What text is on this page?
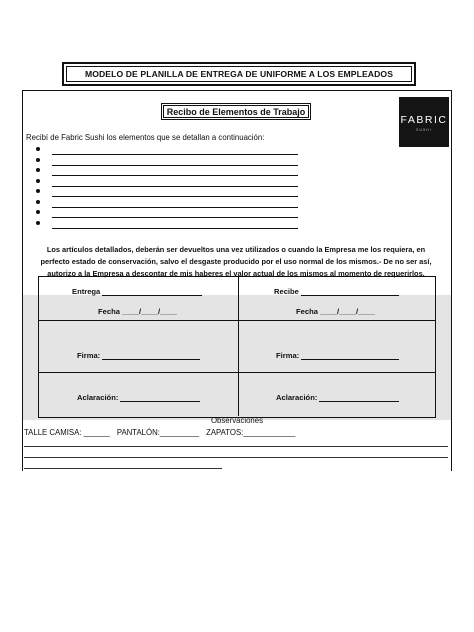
MODELO DE PLANILLA DE ENTREGA DE UNIFORME A LOS EMPLEADOS
Recibo de Elementos de Trabajo
FABRIC
SUSHI
Recibí de Fabric Sushi los elementos que se detallan a continuación:
Los artículos detallados, deberán ser devueltos una vez utilizados o cuando la Empresa me los requiera, en
perfecto estado de conservación, salvo el desgaste producido por el uso normal de los mismos.- De no ser así,
autorizo a la Empresa a descontar de mis haberes el valor actual de los mismos al momento de requerirlos.
Entrega
Fecha ____/____/____
Firma:
Aclaración:
Recibe
Fecha ____/____/____
Firma:
Aclaración:
Observaciones
TALLE CAMISA: ______ PANTALÓN:_________ ZAPATOS:____________
